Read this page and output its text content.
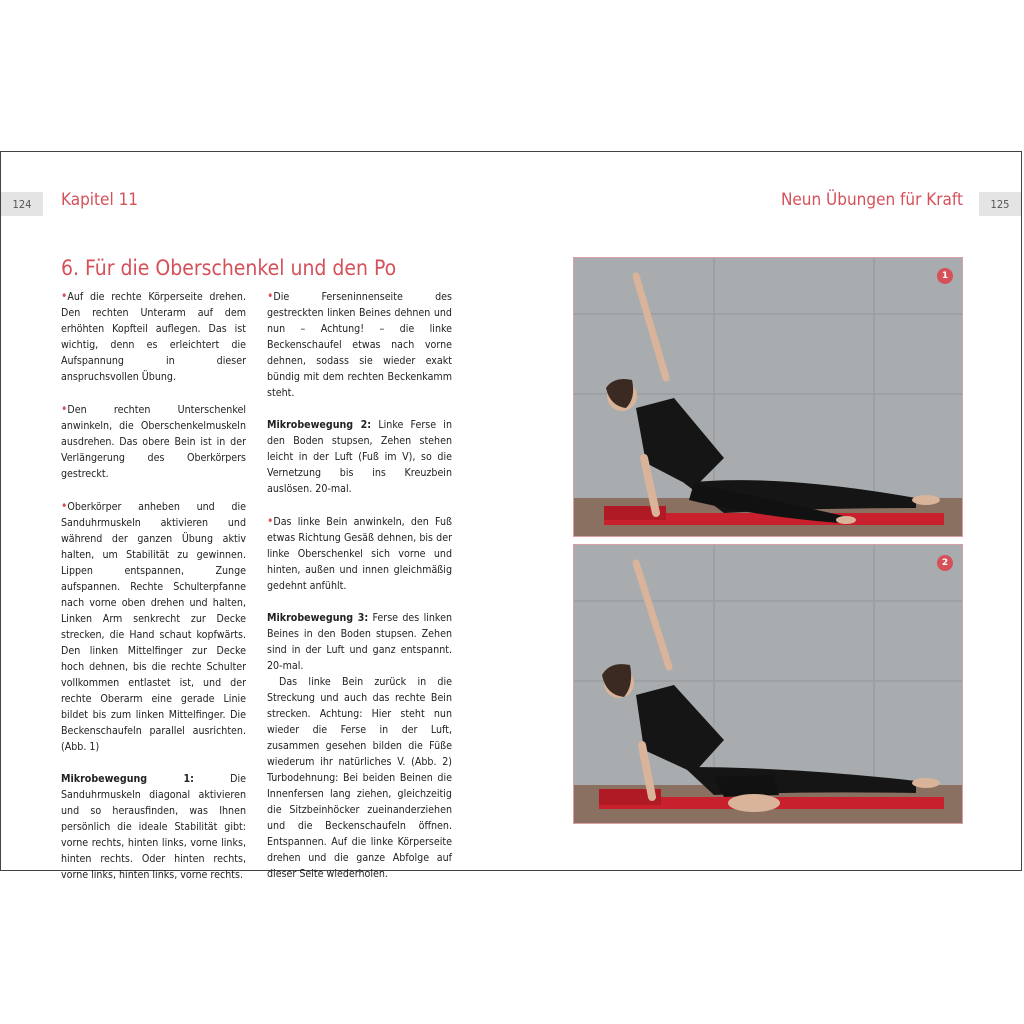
124	Kapitel 11	Neun Übungen für Kraft	125
6. Für die Oberschenkel und den Po

•Auf die rechte Körperseite drehen. Den rechten Unterarm auf dem erhöhten Kopfteil auflegen. Das ist wichtig, denn es erleichtert die Aufspannung in dieser anspruchsvollen Übung.

•Den rechten Unterschenkel anwinkeln, die Oberschenkelmuskeln ausdrehen. Das obere Bein ist in der Verlängerung des Oberkörpers gestreckt.

•Oberkörper anheben und die Sanduhrmuskeln aktivieren und während der ganzen Übung aktiv halten, um Stabilität zu gewinnen. Lippen entspannen, Zunge aufspannen. Rechte Schulterpfanne nach vorne oben drehen und halten, Linken Arm senkrecht zur Decke strecken, die Hand schaut kopfwärts. Den linken Mittelfinger zur Decke hoch dehnen, bis die rechte Schulter vollkommen entlastet ist, und der rechte Oberarm eine gerade Linie bildet bis zum linken Mittelfinger. Die Beckenschaufeln parallel ausrichten. (Abb. 1)

Mikrobewegung 1: Die Sanduhrmuskeln diagonal aktivieren und so herausfinden, was Ihnen persönlich die ideale Stabilität gibt: vorne rechts, hinten links, vorne links, hinten rechts. Oder hinten rechts, vorne links, hinten links, vorne rechts.

•Die Ferseninnenseite des gestreckten linken Beines dehnen und nun – Achtung! – die linke Beckenschaufel etwas nach vorne dehnen, sodass sie wieder exakt bündig mit dem rechten Beckenkamm steht.

Mikrobewegung 2: Linke Ferse in den Boden stupsen, Zehen stehen leicht in der Luft (Fuß im V), so die Vernetzung bis ins Kreuzbein auslösen. 20-mal.

•Das linke Bein anwinkeln, den Fuß etwas Richtung Gesäß dehnen, bis der linke Oberschenkel sich vorne und hinten, außen und innen gleichmäßig gedehnt anfühlt.

Mikrobewegung 3: Ferse des linken Beines in den Boden stupsen. Zehen sind in der Luft und ganz entspannt. 20-mal.

Das linke Bein zurück in die Streckung und auch das rechte Bein strecken. Achtung: Hier steht nun wieder die Ferse in der Luft, zusammen gesehen bilden die Füße wiederum ihr natürliches V. (Abb. 2) Turbodehnung: Bei beiden Beinen die Innenfersen lang ziehen, gleichzeitig die Sitzbeinhöcker zueinanderziehen und die Beckenschaufeln öffnen. Entspannen. Auf die linke Körperseite drehen und die ganze Abfolge auf dieser Seite wiederholen.

1
2
